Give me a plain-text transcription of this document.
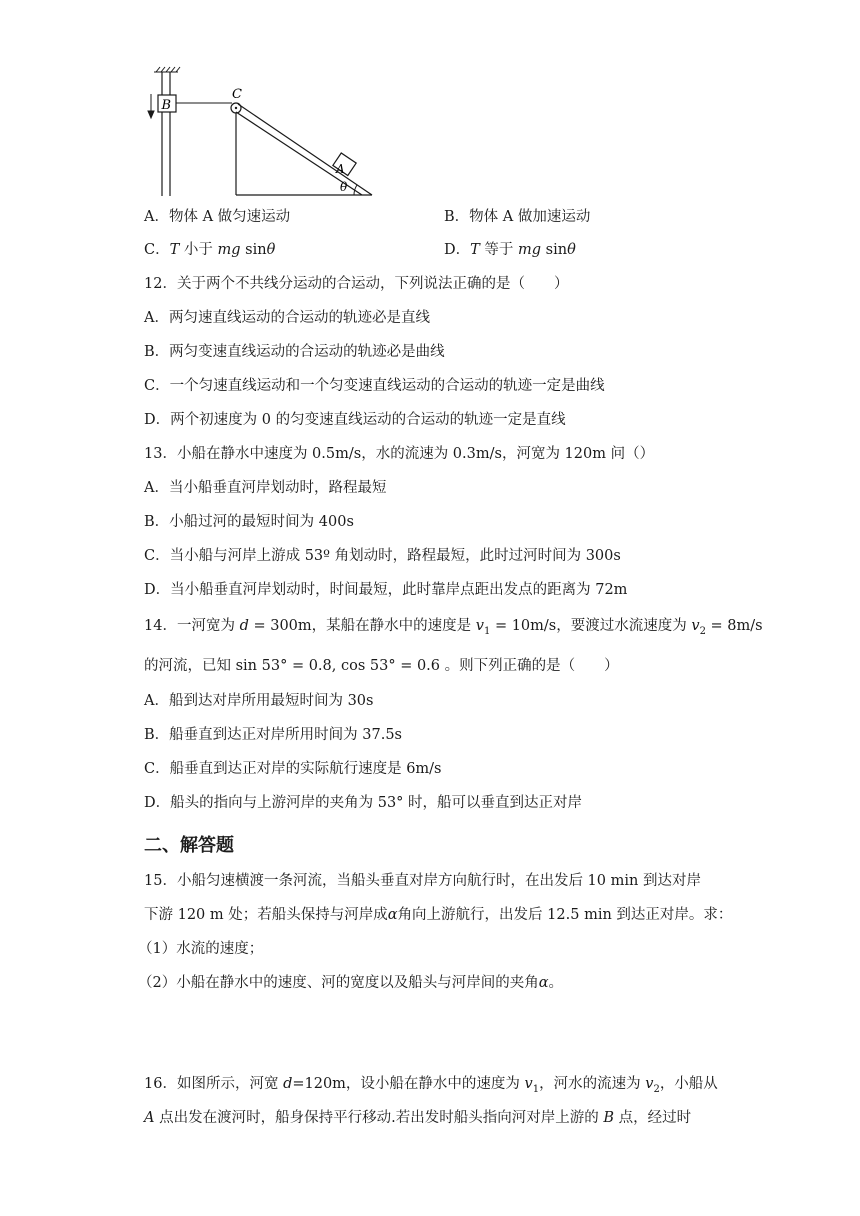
B
C
A
θ
A．物体 A 做匀速运动	B．物体 A 做加速运动
C．T 小于 mg sinθ	D．T 等于 mg sinθ
12．关于两个不共线分运动的合运动，下列说法正确的是（　　）
A．两匀速直线运动的合运动的轨迹必是直线
B．两匀变速直线运动的合运动的轨迹必是曲线
C．一个匀速直线运动和一个匀变速直线运动的合运动的轨迹一定是曲线
D．两个初速度为 0 的匀变速直线运动的合运动的轨迹一定是直线
13．小船在静水中速度为 0.5m/s，水的流速为 0.3m/s，河宽为 120m 问（）
A．当小船垂直河岸划动时，路程最短
B．小船过河的最短时间为 400s
C．当小船与河岸上游成 53º 角划动时，路程最短，此时过河时间为 300s
D．当小船垂直河岸划动时，时间最短，此时靠岸点距出发点的距离为 72m
14．一河宽为 d = 300m，某船在静水中的速度是 $v_1 = 10m/s$，要渡过水流速度为 $v_2 = 8m/s$
的河流，已知 sin 53° = 0.8, cos 53° = 0.6 。则下列正确的是（　　）
A．船到达对岸所用最短时间为 30s
B．船垂直到达正对岸所用时间为 37.5s
C．船垂直到达正对岸的实际航行速度是 6m/s
D．船头的指向与上游河岸的夹角为 53° 时，船可以垂直到达正对岸
二、解答题
15．小船匀速横渡一条河流，当船头垂直对岸方向航行时，在出发后 10 min 到达对岸
下游 120 m 处；若船头保持与河岸成α角向上游航行，出发后 12.5 min 到达正对岸。求：
（1）水流的速度；
（2）小船在静水中的速度、河的宽度以及船头与河岸间的夹角α。
16．如图所示，河宽 d=120m，设小船在静水中的速度为 $v_1$，河水的流速为 $v_2$，小船从
A 点出发在渡河时，船身保持平行移动.若出发时船头指向河对岸上游的 B 点，经过时
